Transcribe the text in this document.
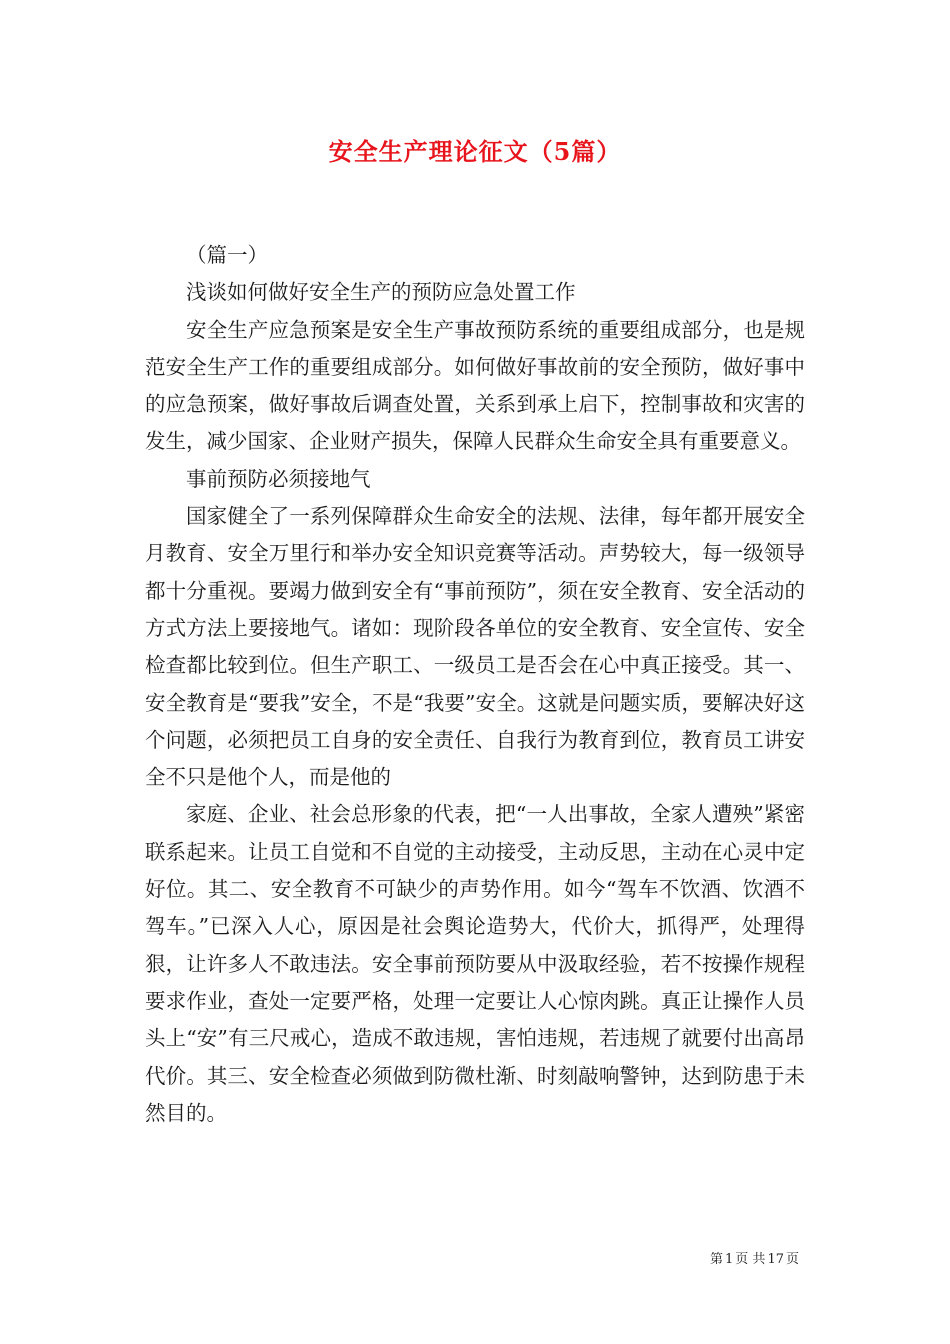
安全生产理论征文（5篇）

（篇一）

浅谈如何做好安全生产的预防应急处置工作

安全生产应急预案是安全生产事故预防系统的重要组成部分，也是规范安全生产工作的重要组成部分。如何做好事故前的安全预防，做好事中的应急预案，做好事故后调查处置，关系到承上启下，控制事故和灾害的发生，减少国家、企业财产损失，保障人民群众生命安全具有重要意义。

事前预防必须接地气

国家健全了一系列保障群众生命安全的法规、法律，每年都开展安全月教育、安全万里行和举办安全知识竞赛等活动。声势较大，每一级领导都十分重视。要竭力做到安全有“事前预防”，须在安全教育、安全活动的方式方法上要接地气。诸如：现阶段各单位的安全教育、安全宣传、安全检查都比较到位。但生产职工、一级员工是否会在心中真正接受。其一、安全教育是“要我”安全，不是“我要”安全。这就是问题实质，要解决好这个问题，必须把员工自身的安全责任、自我行为教育到位，教育员工讲安全不只是他个人，而是他的

家庭、企业、社会总形象的代表，把“一人出事故，全家人遭殃”紧密联系起来。让员工自觉和不自觉的主动接受，主动反思，主动在心灵中定好位。其二、安全教育不可缺少的声势作用。如今“驾车不饮酒、饮酒不驾车。”已深入人心，原因是社会舆论造势大，代价大，抓得严，处理得狠，让许多人不敢违法。安全事前预防要从中汲取经验，若不按操作规程要求作业，查处一定要严格，处理一定要让人心惊肉跳。真正让操作人员头上“安”有三尺戒心，造成不敢违规，害怕违规，若违规了就要付出高昂代价。其三、安全检查必须做到防微杜渐、时刻敲响警钟，达到防患于未然目的。

第 1 页 共 17 页
